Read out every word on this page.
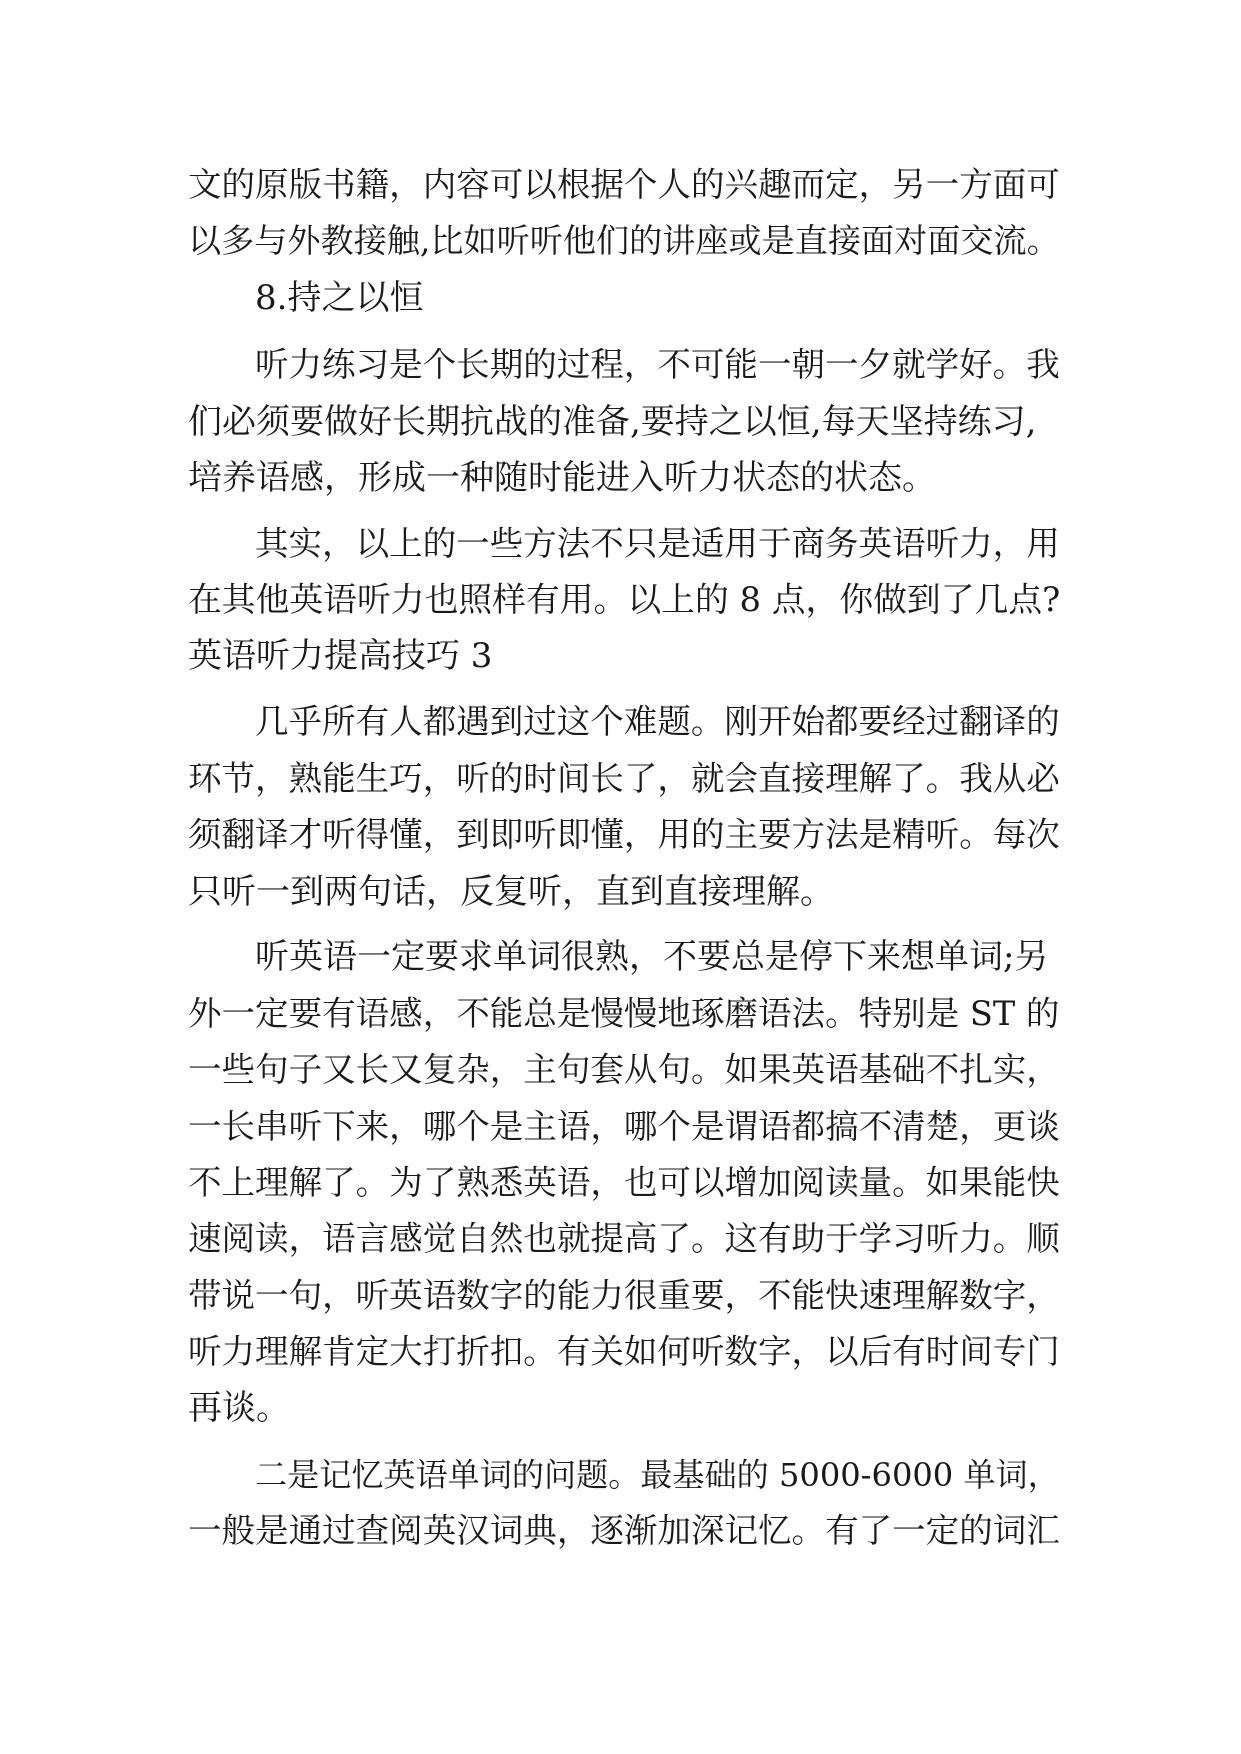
文的原版书籍，内容可以根据个人的兴趣而定，另一方面可
以多与外教接触,比如听听他们的讲座或是直接面对面交流。
8.持之以恒
听力练习是个长期的过程，不可能一朝一夕就学好。我
们必须要做好长期抗战的准备,要持之以恒,每天坚持练习,
培养语感，形成一种随时能进入听力状态的状态。
其实，以上的一些方法不只是适用于商务英语听力，用
在其他英语听力也照样有用。以上的 8 点，你做到了几点?
英语听力提高技巧 3
几乎所有人都遇到过这个难题。刚开始都要经过翻译的
环节，熟能生巧，听的时间长了，就会直接理解了。我从必
须翻译才听得懂，到即听即懂，用的主要方法是精听。每次
只听一到两句话，反复听，直到直接理解。
听英语一定要求单词很熟，不要总是停下来想单词;另
外一定要有语感，不能总是慢慢地琢磨语法。特别是 ST 的
一些句子又长又复杂，主句套从句。如果英语基础不扎实，
一长串听下来，哪个是主语，哪个是谓语都搞不清楚，更谈
不上理解了。为了熟悉英语，也可以增加阅读量。如果能快
速阅读，语言感觉自然也就提高了。这有助于学习听力。顺
带说一句，听英语数字的能力很重要，不能快速理解数字，
听力理解肯定大打折扣。有关如何听数字，以后有时间专门
再谈。
二是记忆英语单词的问题。最基础的 5000-6000 单词，
一般是通过查阅英汉词典，逐渐加深记忆。有了一定的词汇
